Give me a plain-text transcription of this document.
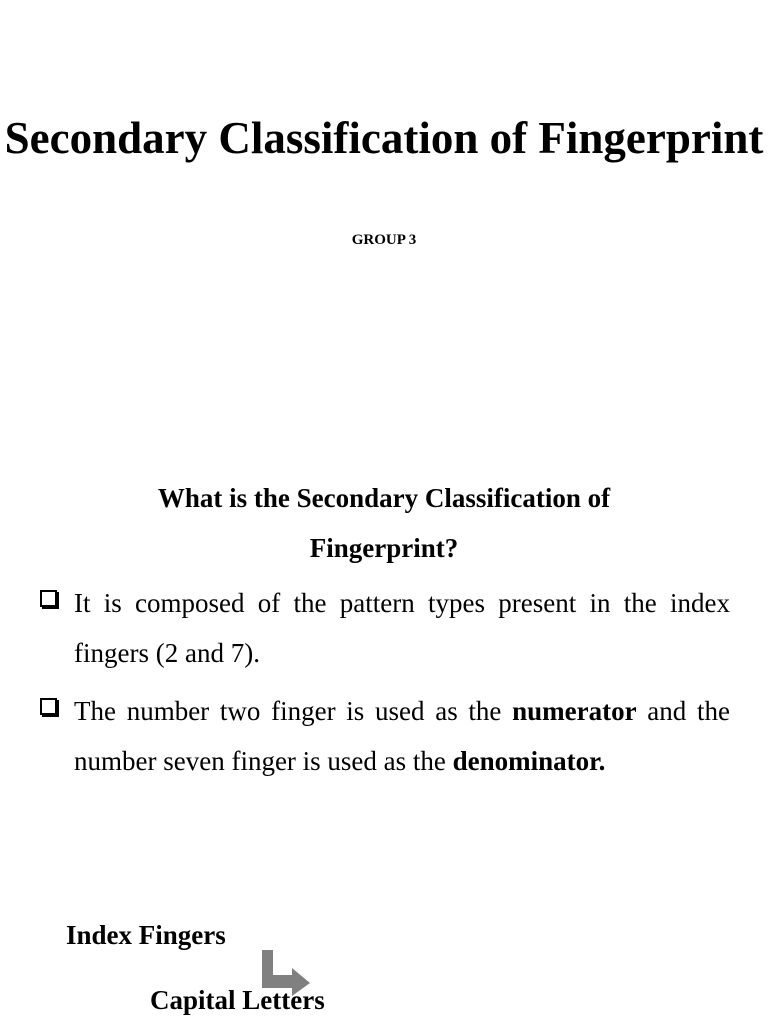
Secondary Classification of Fingerprint
GROUP 3
What is the Secondary Classification of Fingerprint?
It is composed of the pattern types present in the index fingers (2 and 7).
The number two finger is used as the numerator and the number seven finger is used as the denominator.
Index Fingers
Capital Letters
